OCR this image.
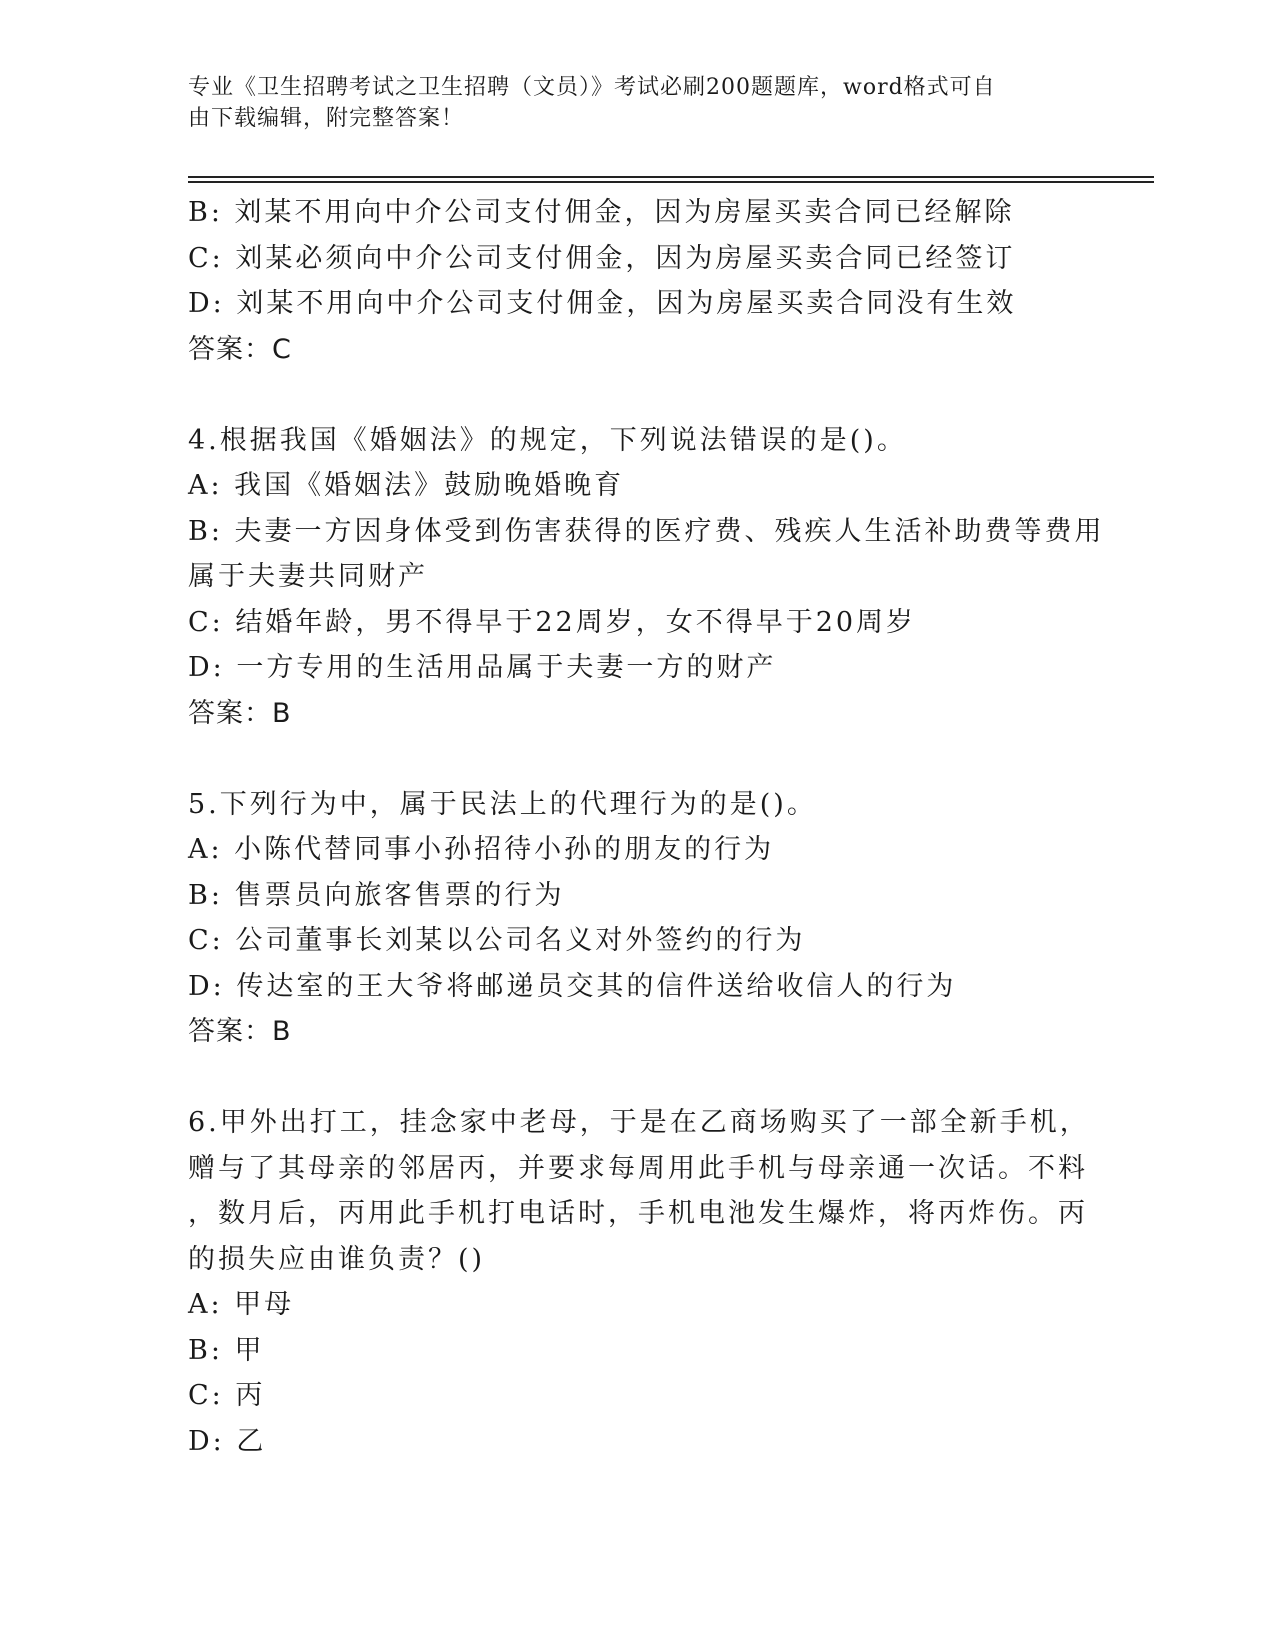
专业《卫生招聘考试之卫生招聘（文员）》考试必刷200题题库，word格式可自
由下载编辑，附完整答案！
B: 刘某不用向中介公司支付佣金，因为房屋买卖合同已经解除
C: 刘某必须向中介公司支付佣金，因为房屋买卖合同已经签订
D: 刘某不用向中介公司支付佣金，因为房屋买卖合同没有生效
答案：C
4.根据我国《婚姻法》的规定，下列说法错误的是()。
A: 我国《婚姻法》鼓励晚婚晚育
B: 夫妻一方因身体受到伤害获得的医疗费、残疾人生活补助费等费用
属于夫妻共同财产
C: 结婚年龄，男不得早于22周岁，女不得早于20周岁
D: 一方专用的生活用品属于夫妻一方的财产
答案：B
5.下列行为中，属于民法上的代理行为的是()。
A: 小陈代替同事小孙招待小孙的朋友的行为
B: 售票员向旅客售票的行为
C: 公司董事长刘某以公司名义对外签约的行为
D: 传达室的王大爷将邮递员交其的信件送给收信人的行为
答案：B
6.甲外出打工，挂念家中老母，于是在乙商场购买了一部全新手机，
赠与了其母亲的邻居丙，并要求每周用此手机与母亲通一次话。不料
，数月后，丙用此手机打电话时，手机电池发生爆炸，将丙炸伤。丙
的损失应由谁负责？()
A: 甲母
B: 甲
C: 丙
D: 乙
